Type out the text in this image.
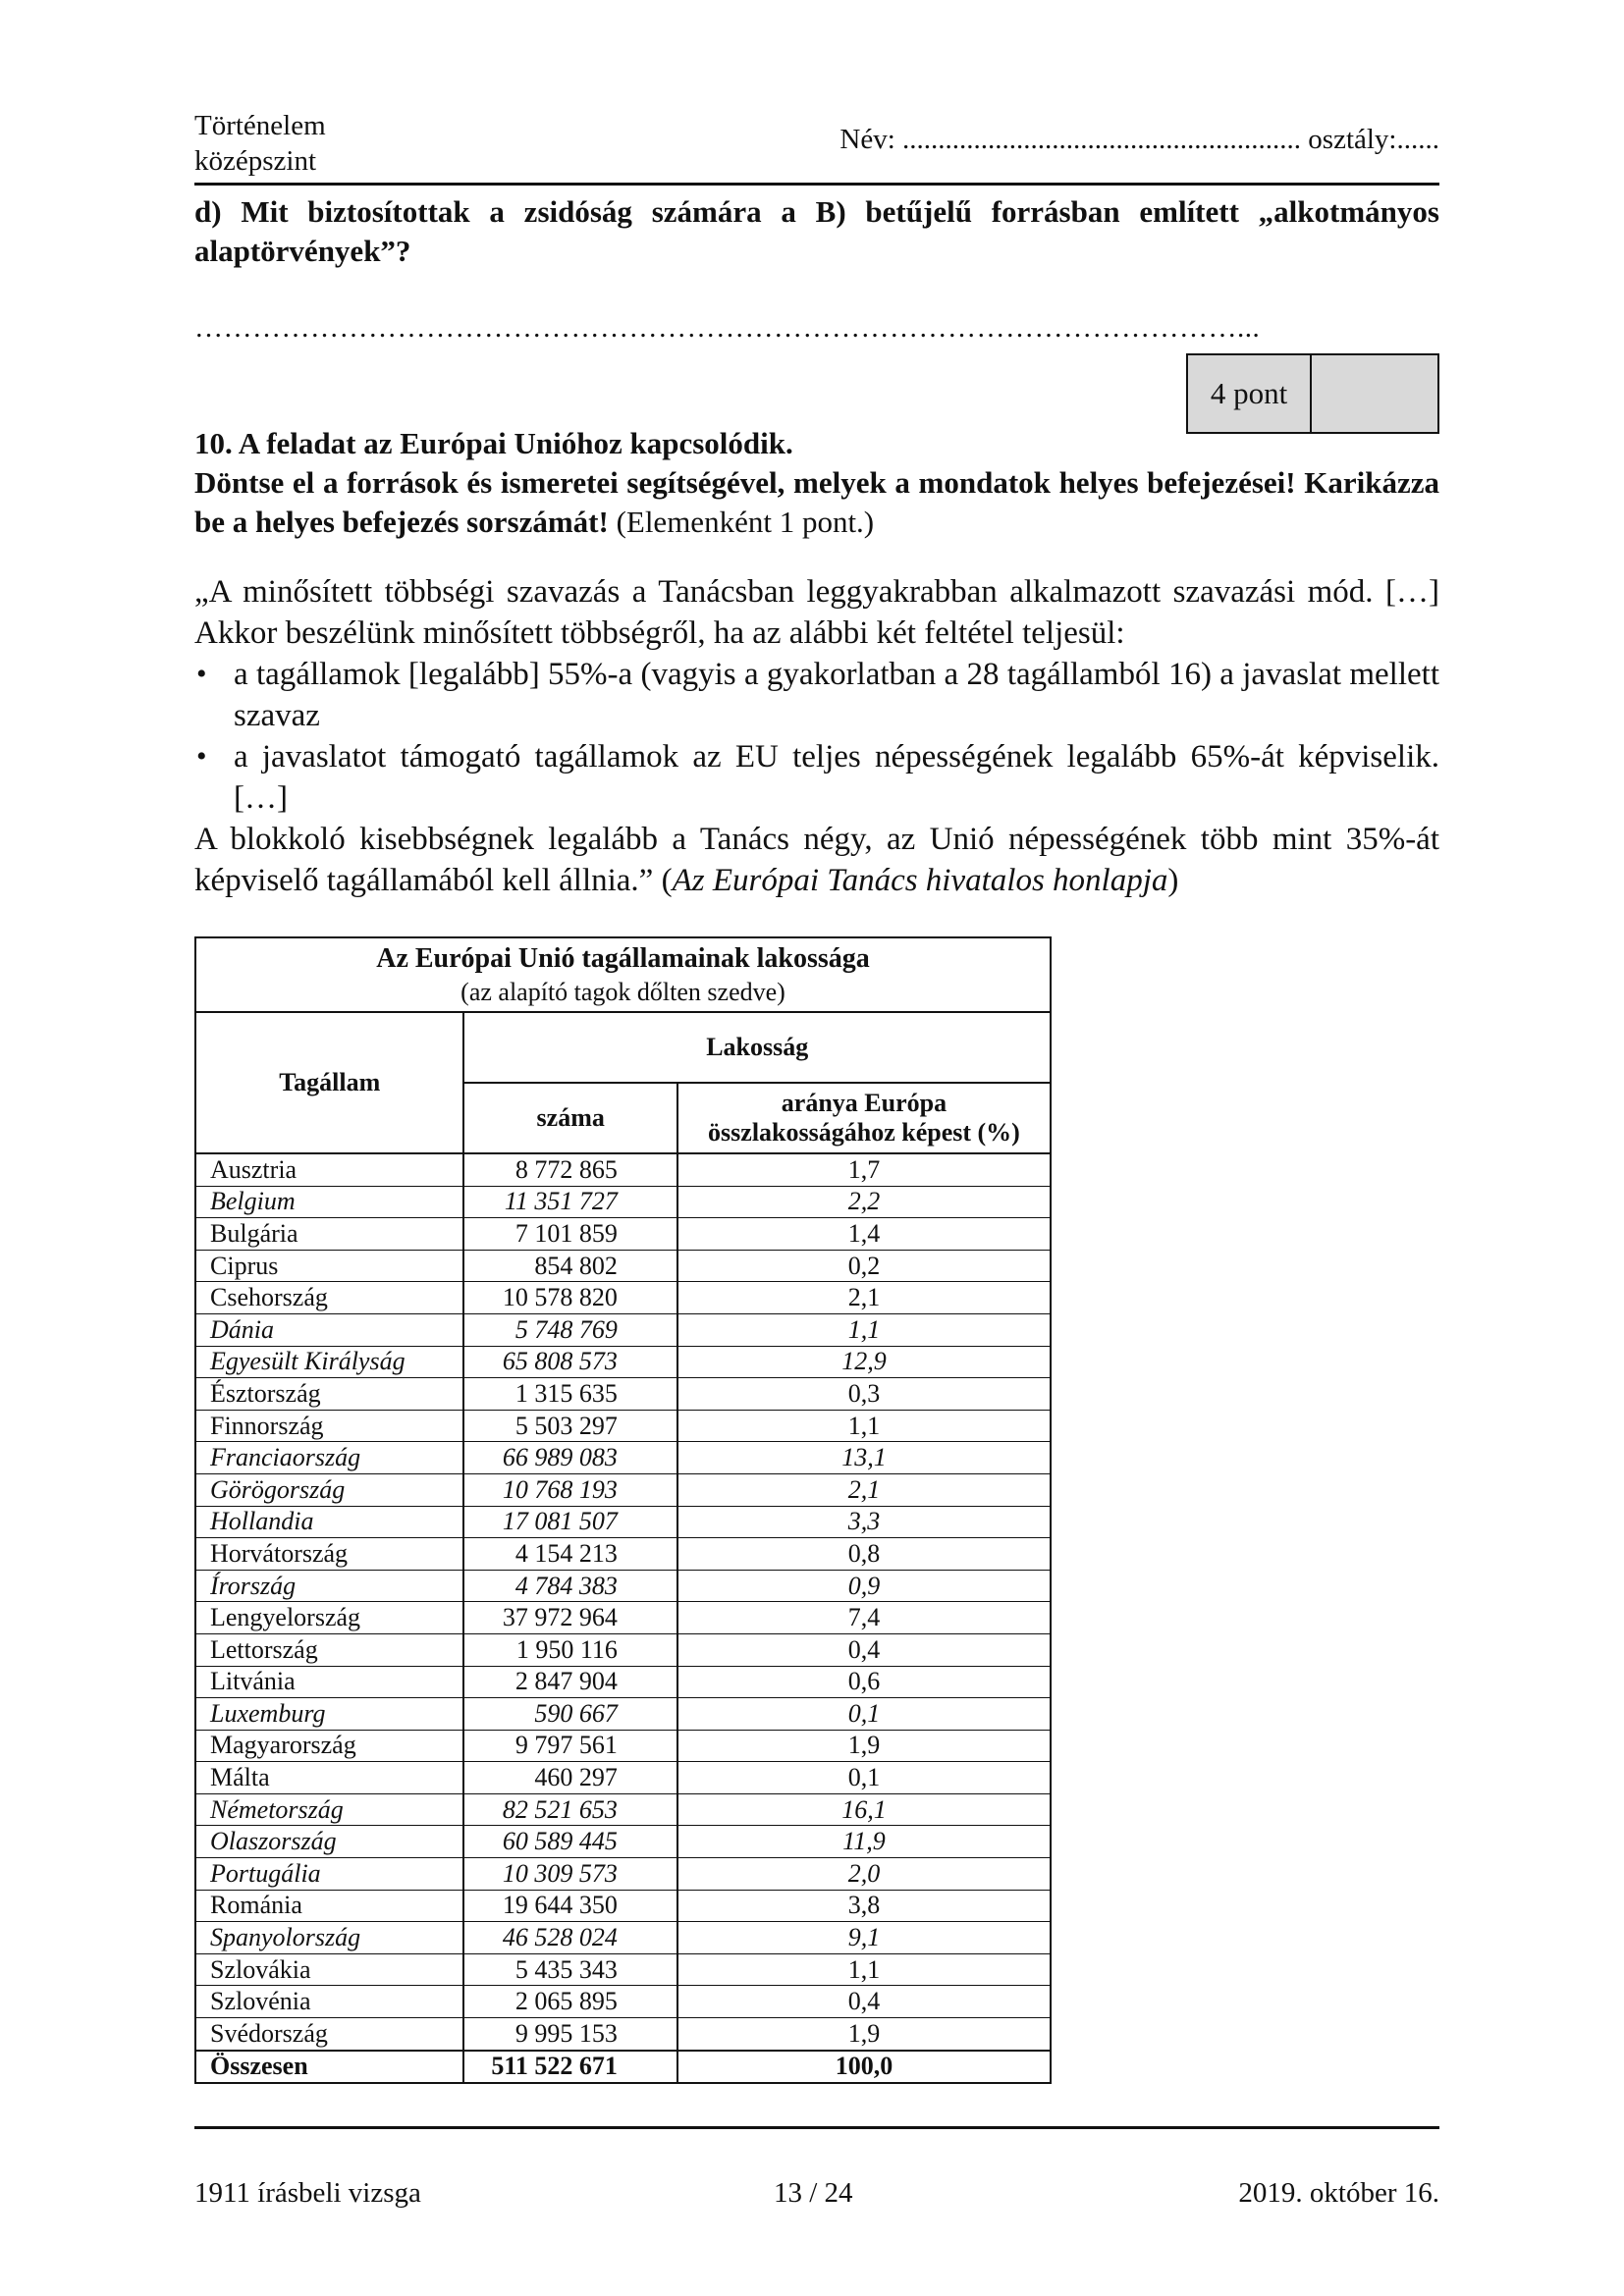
Történelem
középszint
Név: ........................................................ osztály:......
d) Mit biztosítottak a zsidóság számára a B) betűjelű forrásban említett „alkotmányos alaptörvények”?
………………………………………………………………………………………………...
4 pont
10. A feladat az Európai Unióhoz kapcsolódik.

Döntse el a források és ismeretei segítségével, melyek a mondatok helyes befejezései! Karikázza be a helyes befejezés sorszámát! (Elemenként 1 pont.)

„A minősített többségi szavazás a Tanácsban leggyakrabban alkalmazott szavazási mód. […] Akkor beszélünk minősített többségről, ha az alábbi két feltétel teljesül:

• a tagállamok [legalább] 55%-a (vagyis a gyakorlatban a 28 tagállamból 16) a javaslat mellett szavaz
• a javaslatot támogató tagállamok az EU teljes népességének legalább 65%-át képviselik. […]

A blokkoló kisebbségnek legalább a Tanács négy, az Unió népességének több mint 35%-át képviselő tagállamából kell állnia.” (Az Európai Tanács hivatalos honlapja)

Az Európai Unió tagállamainak lakossága
(az alapító tagok dőlten szedve)		

Tagállam	Lakosság	
	száma	aránya Európa
összlakosságához képest (%)

Ausztria	8 772 865	1,7
Belgium	11 351 727	2,2
Bulgária	7 101 859	1,4
Ciprus	854 802	0,2
Csehország	10 578 820	2,1
Dánia	5 748 769	1,1
Egyesült Királyság	65 808 573	12,9
Észtország	1 315 635	0,3
Finnország	5 503 297	1,1
Franciaország	66 989 083	13,1
Görögország	10 768 193	2,1
Hollandia	17 081 507	3,3
Horvátország	4 154 213	0,8
Írország	4 784 383	0,9
Lengyelország	37 972 964	7,4
Lettország	1 950 116	0,4
Litvánia	2 847 904	0,6
Luxemburg	590 667	0,1
Magyarország	9 797 561	1,9
Málta	460 297	0,1
Németország	82 521 653	16,1
Olaszország	60 589 445	11,9
Portugália	10 309 573	2,0
Románia	19 644 350	3,8
Spanyolország	46 528 024	9,1
Szlovákia	5 435 343	1,1
Szlovénia	2 065 895	0,4
Svédország	9 995 153	1,9
Összesen	511 522 671	100,0
1911 írásbeli vizsga	13 / 24	2019. október 16.
